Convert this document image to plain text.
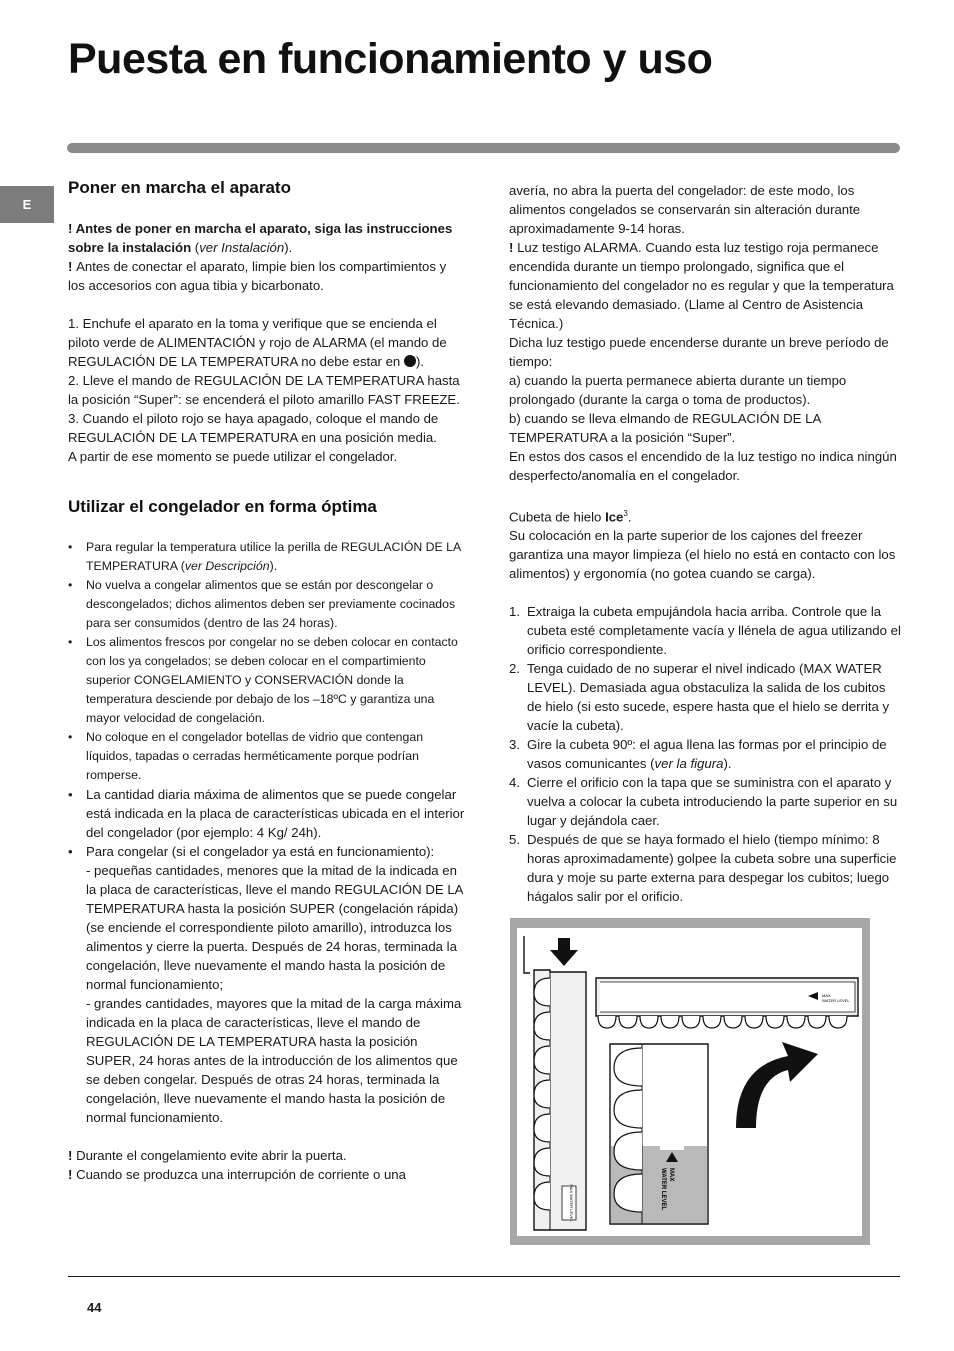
Puesta en funcionamiento y uso
E
Poner en marcha el aparato

! Antes de poner en marcha el aparato, siga las instrucciones sobre la instalación (ver Instalación).

! Antes de conectar el aparato, limpie bien los compartimientos y los accesorios con agua tibia y bicarbonato.

1. Enchufe el aparato en la toma y verifique que se encienda el piloto verde de ALIMENTACIÓN y rojo de ALARMA (el mando de REGULACIÓN DE LA TEMPERATURA no debe estar en ).

2. Lleve el mando de REGULACIÓN DE LA TEMPERATURA hasta la posición “Super”: se encenderá el piloto amarillo FAST FREEZE.

3. Cuando el piloto rojo se haya apagado, coloque el mando de REGULACIÓN DE LA TEMPERATURA en una posición media.

A partir de ese momento se puede utilizar el congelador.

Utilizar el congelador en forma óptima

• Para regular la temperatura utilice la perilla de REGULACIÓN DE LA TEMPERATURA (ver Descripción).

• No vuelva a congelar alimentos que se están por descongelar o descongelados; dichos alimentos deben ser previamente cocinados para ser consumidos (dentro de las 24 horas).

• Los alimentos frescos por congelar no se deben colocar en contacto con los ya congelados; se deben colocar en el compartimiento superior CONGELAMIENTO y CONSERVACIÓN donde la temperatura desciende por debajo de los –18ºC y garantiza una mayor velocidad de congelación.

• No coloque en el congelador botellas de vidrio que contengan líquidos, tapadas o cerradas herméticamente porque podrían romperse.

• La cantidad diaria máxima de alimentos que se puede congelar está indicada en la placa de características ubicada en el interior del congelador (por ejemplo: 4 Kg/ 24h).

• Para congelar (si el congelador ya está en funcionamiento):

- pequeñas cantidades, menores que la mitad de la indicada en la placa de características, lleve el mando REGULACIÓN DE LA TEMPERATURA hasta la posición SUPER (congelación rápida) (se enciende el correspondiente piloto amarillo), introduzca los alimentos y cierre la puerta. Después de 24 horas, terminada la congelación, lleve nuevamente el mando hasta la posición de normal funcionamiento;

- grandes cantidades, mayores que la mitad de la carga máxima indicada en la placa de características, lleve el mando de REGULACIÓN DE LA TEMPERATURA hasta la posición SUPER, 24 horas antes de la introducción de los alimentos que se deben congelar. Después de otras 24 horas, terminada la congelación, lleve nuevamente el mando hasta la posición de normal funcionamiento.

! Durante el congelamiento evite abrir la puerta.

! Cuando se produzca una interrupción de corriente o una

avería, no abra la puerta del congelador: de este modo, los alimentos congelados se conservarán sin alteración durante aproximadamente 9-14 horas.

! Luz testigo ALARMA. Cuando esta luz testigo roja permanece encendida durante un tiempo prolongado, significa que el funcionamiento del congelador no es regular y que la temperatura se está elevando demasiado. (Llame al Centro de Asistencia Técnica.)

Dicha luz testigo puede encenderse durante un breve período de tiempo:

a) cuando la puerta permanece abierta durante un tiempo prolongado (durante la carga o toma de productos).

b) cuando se lleva elmando de REGULACIÓN DE LA TEMPERATURA a la posición “Super”.

En estos dos casos el encendido de la luz testigo no indica ningún desperfecto/anomalía en el congelador.

Cubeta de hielo Ice$^3$.

Su colocación en la parte superior de los cajones del freezer garantiza una mayor limpieza (el hielo no está en contacto con los alimentos) y ergonomía (no gotea cuando se carga).

1. Extraiga la cubeta empujándola hacia arriba. Controle que la cubeta esté completamente vacía y llénela de agua utilizando el orificio correspondiente.

2. Tenga cuidado de no superar el nivel indicado (MAX WATER LEVEL). Demasiada agua obstaculiza la salida de los cubitos de hielo (si esto sucede, espere hasta que el hielo se derrita y vacíe la cubeta).

3. Gire la cubeta 90º: el agua llena las formas por el principio de vasos comunicantes (ver la figura).

4. Cierre el orificio con la tapa que se suministra con el aparato y vuelva a colocar la cubeta introduciendo la parte superior en su lugar y dejándola caer.

5. Después de que se haya formado el hielo (tiempo mínimo: 8 horas aproximadamente) golpee la cubeta sobre una superficie dura y moje su parte externa para despegar los cubitos; luego hágalos salir por el orificio.

MAX WATER LEVEL
MAX
WATER LEVEL
MAX
WATER LEVEL
44
